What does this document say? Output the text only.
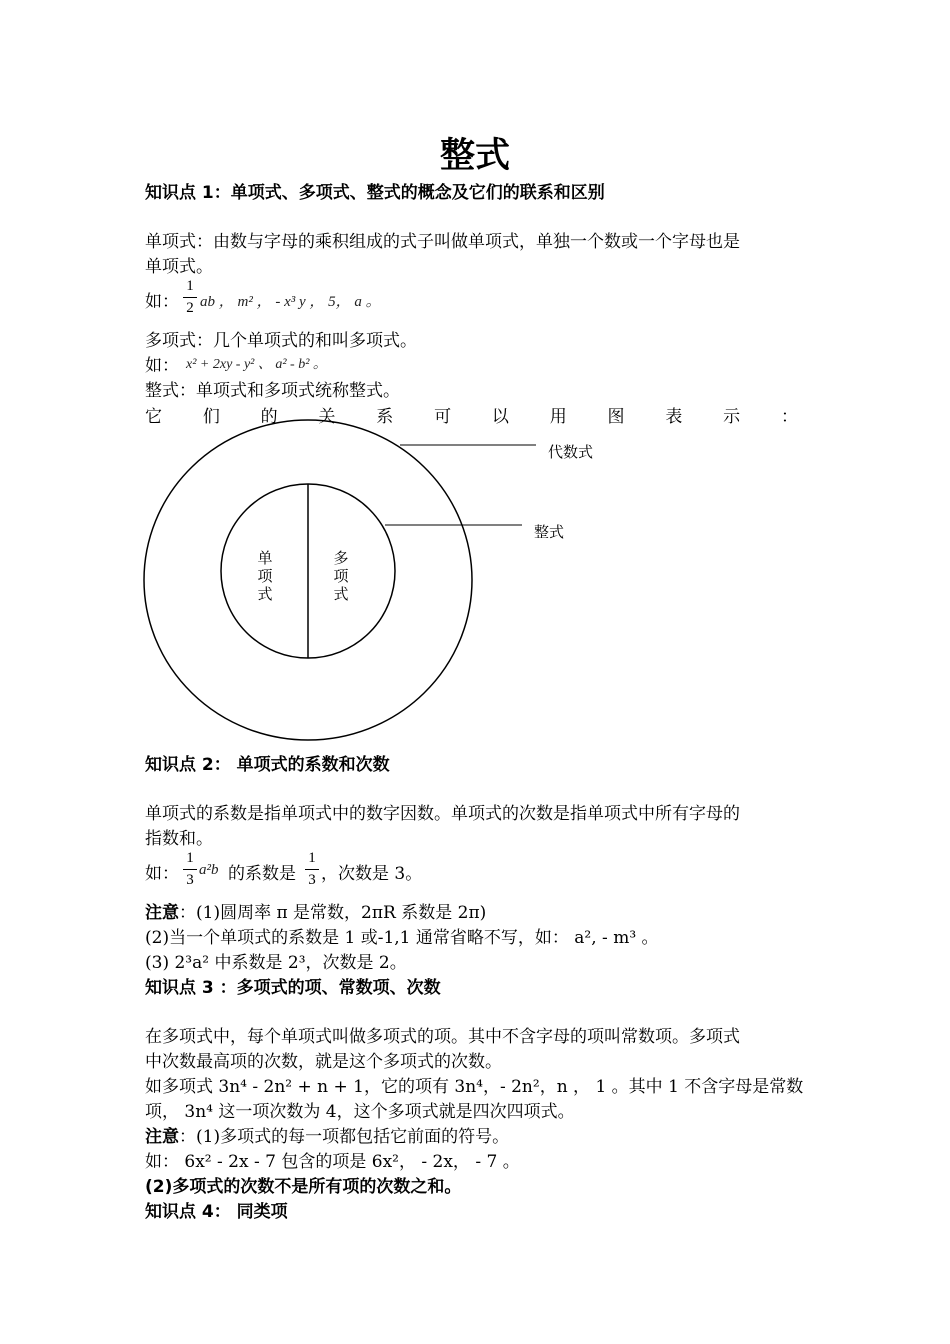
整式
知识点 1：单项式、多项式、整式的概念及它们的联系和区别
单项式：由数与字母的乘积组成的式子叫做单项式，单独一个数或一个字母也是
单项式。
如：
1
2 ab ， m² ， - x³ y ， 5， a 。
多项式：几个单项式的和叫多项式。
如： x² + 2xy - y² 、 a² - b² 。
整式：单项式和多项式统称整式。
它 们 的 关 系 可 以 用 图 表 示 ：
代数式
整式
单
项
式
多
项
式
知识点 2： 单项式的系数和次数
单项式的系数是指单项式中的数字因数。单项式的次数是指单项式中所有字母的
指数和。
如：
1
3
a²b 的系数是
1
3 ，次数是 3。
注意：(1)圆周率 π 是常数，2πR 系数是 2π)
(2)当一个单项式的系数是 1 或-1,1 通常省略不写，如： a², - m³ 。
(3) 2³a² 中系数是 2³，次数是 2。
知识点 3 ：多项式的项、常数项、次数
在多项式中，每个单项式叫做多项式的项。其中不含字母的项叫常数项。多项式
中次数最高项的次数，就是这个多项式的次数。
如多项式 3n⁴ - 2n² + n + 1，它的项有 3n⁴，- 2n²，n ， 1 。其中 1 不含字母是常数
项， 3n⁴ 这一项次数为 4，这个多项式就是四次四项式。
注意：(1)多项式的每一项都包括它前面的符号。
如： 6x² - 2x - 7 包含的项是 6x²， - 2x， - 7 。
(2)多项式的次数不是所有项的次数之和。
知识点 4： 同类项
